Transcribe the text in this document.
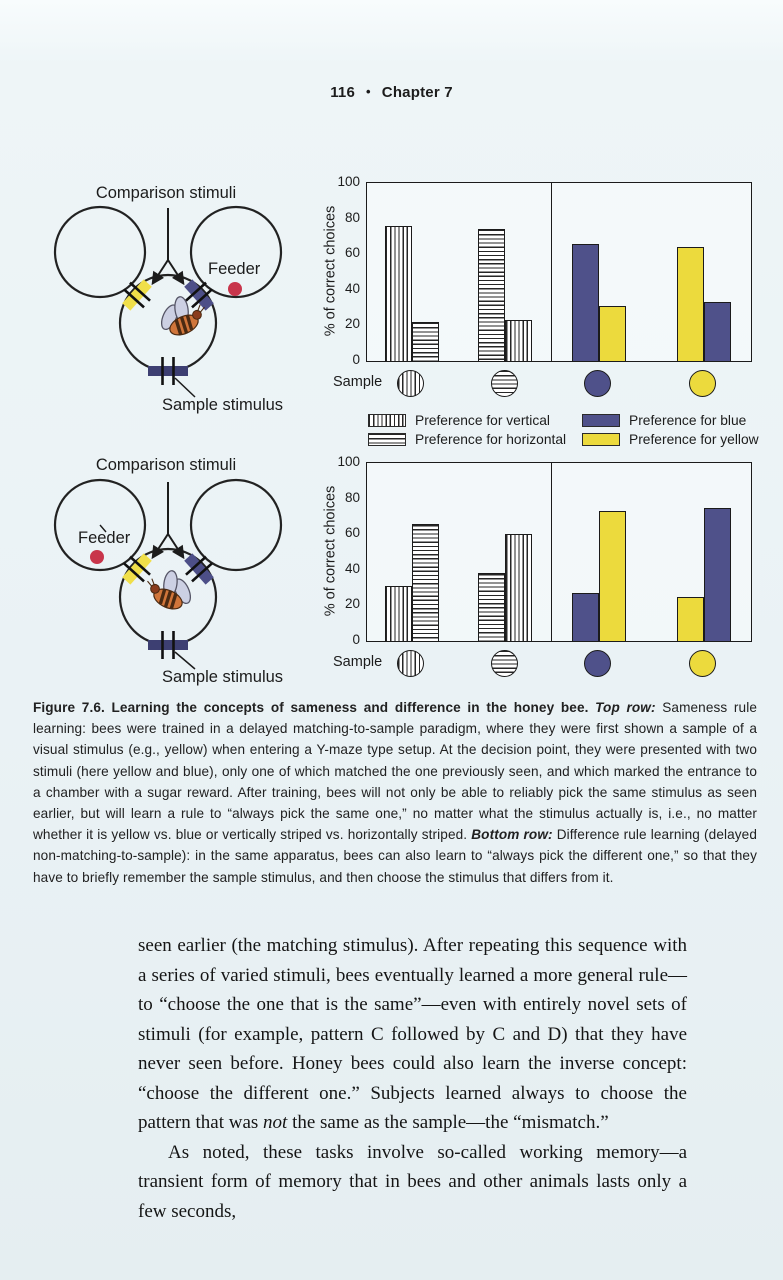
116 • Chapter 7
Comparison stimuli
Feeder
Sample stimulus
Comparison stimuli
Feeder
Sample stimulus
% of correct choices
0
20
40
60
80
100
Sample
% of correct choices
0
20
40
60
80
100
Sample
Preference for vertical
Preference for horizontal
Preference for blue
Preference for yellow

Figure 7.6. Learning the concepts of sameness and difference in the honey bee. Top row: Sameness rule learning: bees were trained in a delayed matching-to-sample paradigm, where they were first shown a sample of a visual stimulus (e.g., yellow) when entering a Y-maze type setup. At the decision point, they were presented with two stimuli (here yellow and blue), only one of which matched the one previously seen, and which marked the entrance to a chamber with a sugar reward. After training, bees will not only be able to reliably pick the same stimulus as seen earlier, but will learn a rule to “always pick the same one,” no matter what the stimulus actually is, i.e., no matter whether it is yellow vs. blue or vertically striped vs. horizontally striped. Bottom row: Difference rule learning (delayed non-matching-to-sample): in the same apparatus, bees can also learn to “always pick the different one,” so that they have to briefly remember the sample stimulus, and then choose the stimulus that differs from it.

seen earlier (the matching stimulus). After repeating this sequence with a series of varied stimuli, bees eventually learned a more general rule—to “choose the one that is the same”—even with entirely novel sets of stimuli (for example, pattern C followed by C and D) that they have never seen before. Honey bees could also learn the inverse concept: “choose the different one.” Subjects learned always to choose the pattern that was not the same as the sample—the “mismatch.”

As noted, these tasks involve so-called working memory—a transient form of memory that in bees and other animals lasts only a few seconds,
